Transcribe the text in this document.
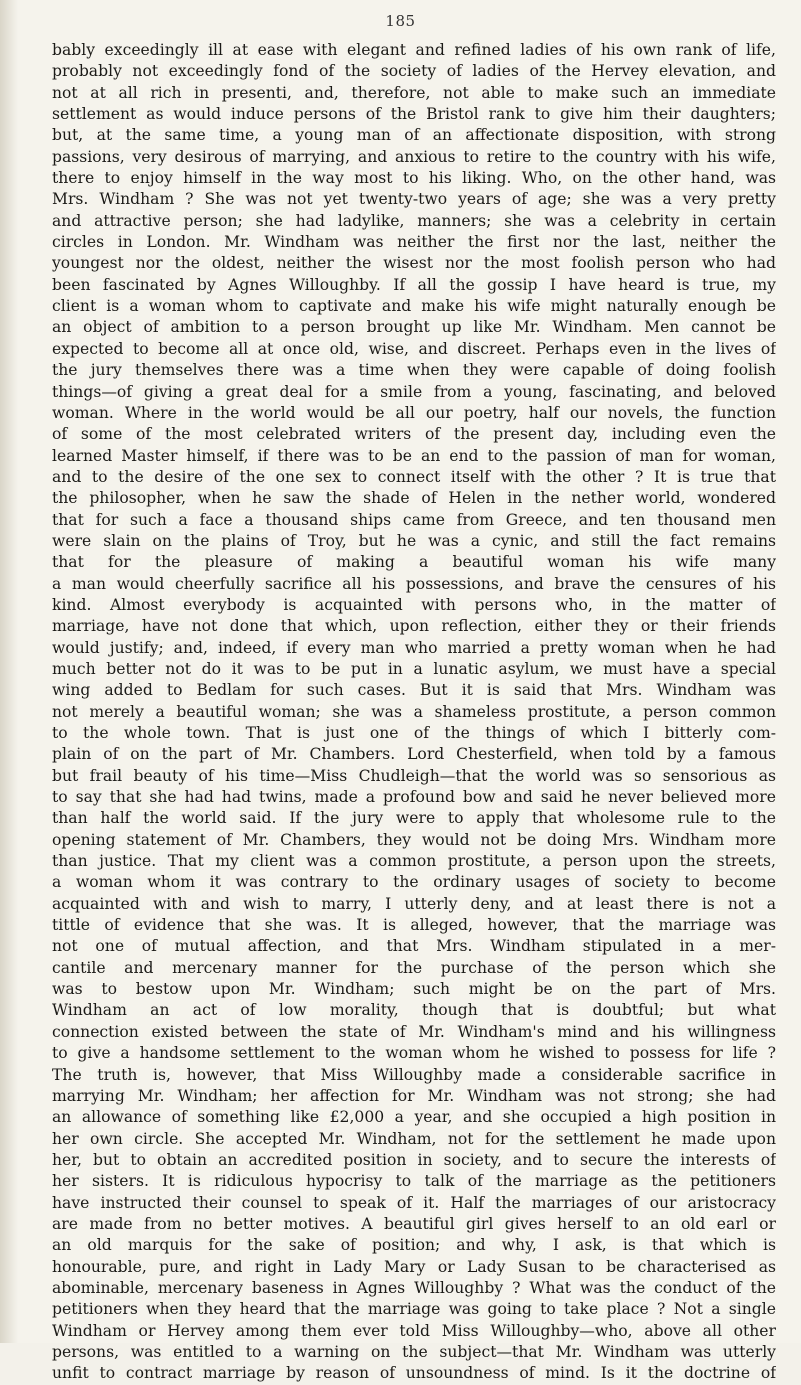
185
bably exceedingly ill at ease with elegant and refined ladies of his own rank of life,
probably not exceedingly fond of the society of ladies of the Hervey elevation, and
not at all rich in presenti, and, therefore, not able to make such an immediate
settlement as would induce persons of the Bristol rank to give him their daughters;
but, at the same time, a young man of an affectionate disposition, with strong
passions, very desirous of marrying, and anxious to retire to the country with his wife,
there to enjoy himself in the way most to his liking. Who, on the other hand, was
Mrs. Windham ? She was not yet twenty-two years of age; she was a very pretty
and attractive person; she had ladylike, manners; she was a celebrity in certain
circles in London. Mr. Windham was neither the first nor the last, neither the
youngest nor the oldest, neither the wisest nor the most foolish person who had
been fascinated by Agnes Willoughby. If all the gossip I have heard is true, my
client is a woman whom to captivate and make his wife might naturally enough be
an object of ambition to a person brought up like Mr. Windham. Men cannot be
expected to become all at once old, wise, and discreet. Perhaps even in the lives of
the jury themselves there was a time when they were capable of doing foolish
things—of giving a great deal for a smile from a young, fascinating, and beloved
woman. Where in the world would be all our poetry, half our novels, the function
of some of the most celebrated writers of the present day, including even the
learned Master himself, if there was to be an end to the passion of man for woman,
and to the desire of the one sex to connect itself with the other ? It is true that
the philosopher, when he saw the shade of Helen in the nether world, wondered
that for such a face a thousand ships came from Greece, and ten thousand men
were slain on the plains of Troy, but he was a cynic, and still the fact remains
that for the pleasure of making a beautiful woman his wife many
a man would cheerfully sacrifice all his possessions, and brave the censures of his
kind. Almost everybody is acquainted with persons who, in the matter of
marriage, have not done that which, upon reflection, either they or their friends
would justify; and, indeed, if every man who married a pretty woman when he had
much better not do it was to be put in a lunatic asylum, we must have a special
wing added to Bedlam for such cases. But it is said that Mrs. Windham was
not merely a beautiful woman; she was a shameless prostitute, a person common
to the whole town. That is just one of the things of which I bitterly com-
plain of on the part of Mr. Chambers. Lord Chesterfield, when told by a famous
but frail beauty of his time—Miss Chudleigh—that the world was so sensorious as
to say that she had had twins, made a profound bow and said he never believed more
than half the world said. If the jury were to apply that wholesome rule to the
opening statement of Mr. Chambers, they would not be doing Mrs. Windham more
than justice. That my client was a common prostitute, a person upon the streets,
a woman whom it was contrary to the ordinary usages of society to become
acquainted with and wish to marry, I utterly deny, and at least there is not a
tittle of evidence that she was. It is alleged, however, that the marriage was
not one of mutual affection, and that Mrs. Windham stipulated in a mer-
cantile and mercenary manner for the purchase of the person which she
was to bestow upon Mr. Windham; such might be on the part of Mrs.
Windham an act of low morality, though that is doubtful; but what
connection existed between the state of Mr. Windham's mind and his willingness
to give a handsome settlement to the woman whom he wished to possess for life ?
The truth is, however, that Miss Willoughby made a considerable sacrifice in
marrying Mr. Windham; her affection for Mr. Windham was not strong; she had
an allowance of something like £2,000 a year, and she occupied a high position in
her own circle. She accepted Mr. Windham, not for the settlement he made upon
her, but to obtain an accredited position in society, and to secure the interests of
her sisters. It is ridiculous hypocrisy to talk of the marriage as the petitioners
have instructed their counsel to speak of it. Half the marriages of our aristocracy
are made from no better motives. A beautiful girl gives herself to an old earl or
an old marquis for the sake of position; and why, I ask, is that which is
honourable, pure, and right in Lady Mary or Lady Susan to be characterised as
abominable, mercenary baseness in Agnes Willoughby ? What was the conduct of the
petitioners when they heard that the marriage was going to take place ? Not a single
Windham or Hervey among them ever told Miss Willoughby—who, above all other
persons, was entitled to a warning on the subject—that Mr. Windham was utterly
unfit to contract marriage by reason of unsoundness of mind. Is it the doctrine of
